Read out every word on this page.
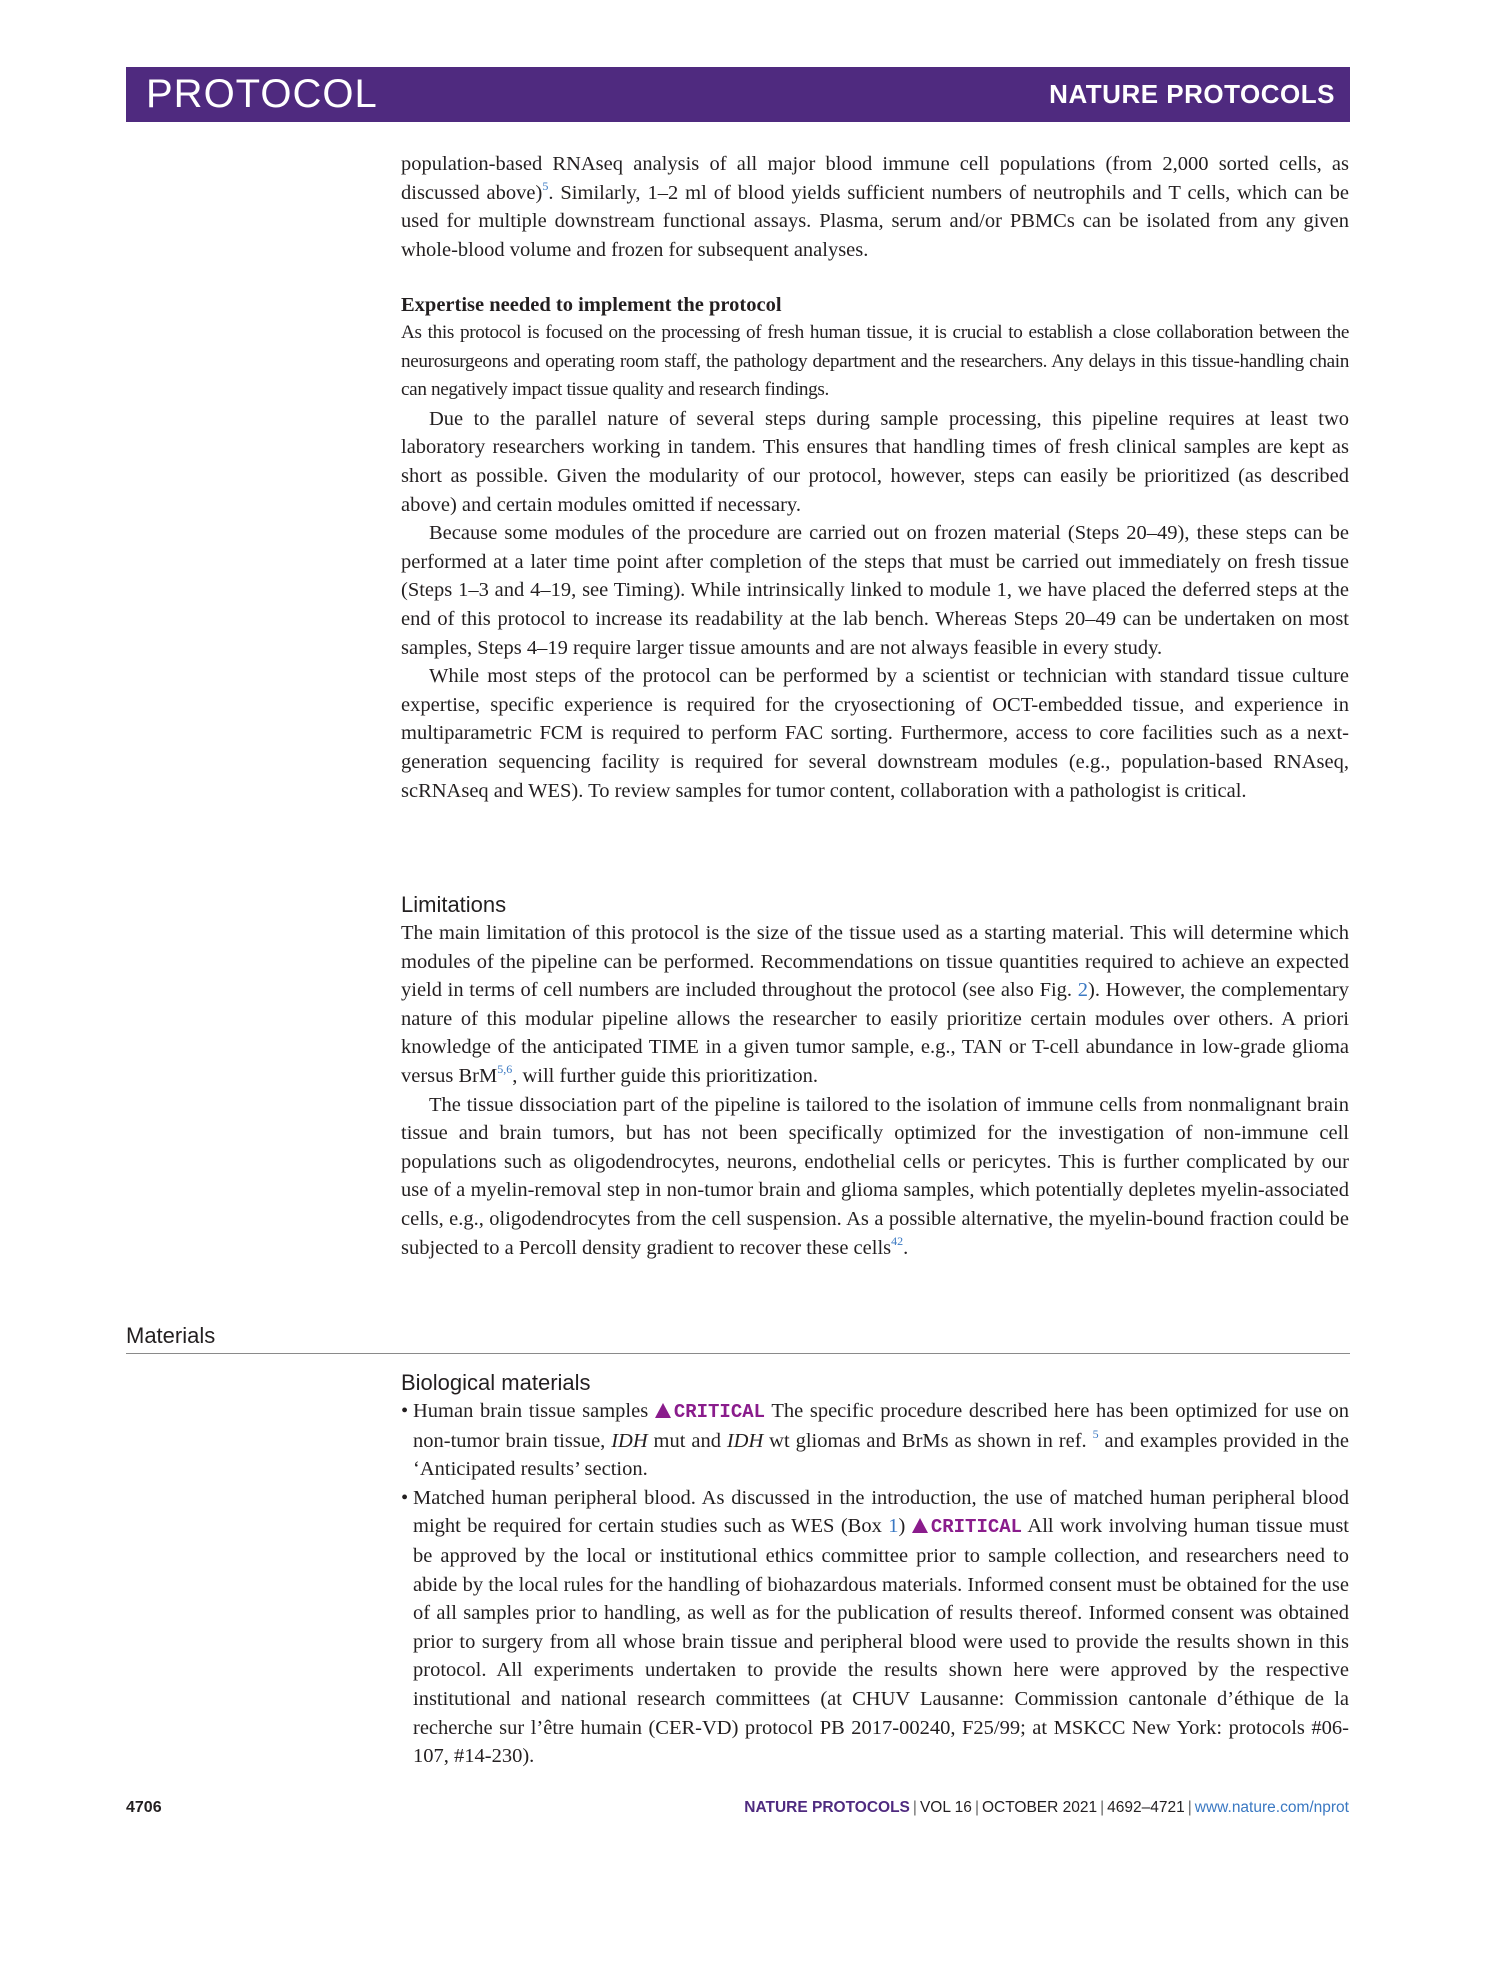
PROTOCOL	NATURE PROTOCOLS

population-based RNAseq analysis of all major blood immune cell populations (from 2,000 sorted cells, as discussed above)$^5$. Similarly, 1–2 ml of blood yields sufficient numbers of neutrophils and T cells, which can be used for multiple downstream functional assays. Plasma, serum and/or PBMCs can be isolated from any given whole-blood volume and frozen for subsequent analyses.

Expertise needed to implement the protocol

As this protocol is focused on the processing of fresh human tissue, it is crucial to establish a close collaboration between the neurosurgeons and operating room staff, the pathology department and the researchers. Any delays in this tissue-handling chain can negatively impact tissue quality and research findings.

Due to the parallel nature of several steps during sample processing, this pipeline requires at least two laboratory researchers working in tandem. This ensures that handling times of fresh clinical samples are kept as short as possible. Given the modularity of our protocol, however, steps can easily be prioritized (as described above) and certain modules omitted if necessary.

Because some modules of the procedure are carried out on frozen material (Steps 20–49), these steps can be performed at a later time point after completion of the steps that must be carried out immediately on fresh tissue (Steps 1–3 and 4–19, see Timing). While intrinsically linked to module 1, we have placed the deferred steps at the end of this protocol to increase its readability at the lab bench. Whereas Steps 20–49 can be undertaken on most samples, Steps 4–19 require larger tissue amounts and are not always feasible in every study.

While most steps of the protocol can be performed by a scientist or technician with standard tissue culture expertise, specific experience is required for the cryosectioning of OCT-embedded tissue, and experience in multiparametric FCM is required to perform FAC sorting. Furthermore, access to core facilities such as a next-generation sequencing facility is required for several downstream modules (e.g., population-based RNAseq, scRNAseq and WES). To review samples for tumor content, collaboration with a pathologist is critical.

Limitations

The main limitation of this protocol is the size of the tissue used as a starting material. This will determine which modules of the pipeline can be performed. Recommendations on tissue quantities required to achieve an expected yield in terms of cell numbers are included throughout the protocol (see also Fig. 2). However, the complementary nature of this modular pipeline allows the researcher to easily prioritize certain modules over others. A priori knowledge of the anticipated TIME in a given tumor sample, e.g., TAN or T-cell abundance in low-grade glioma versus BrM$^{5,6}$, will further guide this prioritization.

The tissue dissociation part of the pipeline is tailored to the isolation of immune cells from nonmalignant brain tissue and brain tumors, but has not been specifically optimized for the investigation of non-immune cell populations such as oligodendrocytes, neurons, endothelial cells or pericytes. This is further complicated by our use of a myelin-removal step in non-tumor brain and glioma samples, which potentially depletes myelin-associated cells, e.g., oligodendrocytes from the cell suspension. As a possible alternative, the myelin-bound fraction could be subjected to a Percoll density gradient to recover these cells$^{42}$.

Materials
Biological materials
• Human brain tissue samples CRITICAL The specific procedure described here has been optimized for use on non-tumor brain tissue, IDH mut and IDH wt gliomas and BrMs as shown in ref. $^5$ and examples provided in the ‘Anticipated results’ section.
• Matched human peripheral blood. As discussed in the introduction, the use of matched human peripheral blood might be required for certain studies such as WES (Box 1) CRITICAL All work involving human tissue must be approved by the local or institutional ethics committee prior to sample collection, and researchers need to abide by the local rules for the handling of biohazardous materials. Informed consent must be obtained for the use of all samples prior to handling, as well as for the publication of results thereof. Informed consent was obtained prior to surgery from all whose brain tissue and peripheral blood were used to provide the results shown in this protocol. All experiments undertaken to provide the results shown here were approved by the respective institutional and national research committees (at CHUV Lausanne: Commission cantonale d’éthique de la recherche sur l’être humain (CER-VD) protocol PB 2017-00240, F25/99; at MSKCC New York: protocols #06-107, #14-230).
4706	NATURE PROTOCOLS | VOL 16 | OCTOBER 2021 | 4692–4721 | www.nature.com/nprot
